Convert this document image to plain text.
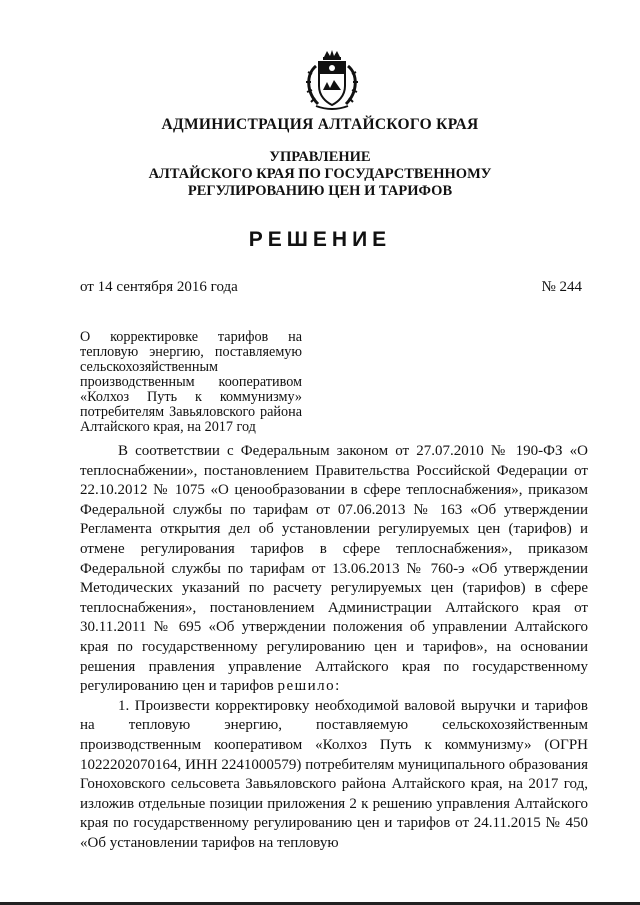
АДМИНИСТРАЦИЯ АЛТАЙСКОГО КРАЯ
УПРАВЛЕНИЕ
АЛТАЙСКОГО КРАЯ ПО ГОСУДАРСТВЕННОМУ
РЕГУЛИРОВАНИЮ ЦЕН И ТАРИФОВ
РЕШЕНИЕ
от 14 сентября 2016 года	№ 244
О корректировке тарифов на тепловую энергию, поставляемую сельскохозяйственным производственным кооперативом «Колхоз Путь к коммунизму» потребителям Завьяловского района Алтайского края, на 2017 год

В соответствии с Федеральным законом от 27.07.2010 № 190-ФЗ «О теплоснабжении», постановлением Правительства Российской Федерации от 22.10.2012 № 1075 «О ценообразовании в сфере теплоснабжения», приказом Федеральной службы по тарифам от 07.06.2013 № 163 «Об утверждении Регламента открытия дел об установлении регулируемых цен (тарифов) и отмене регулирования тарифов в сфере теплоснабжения», приказом Федеральной службы по тарифам от 13.06.2013 № 760-э «Об утверждении Методических указаний по расчету регулируемых цен (тарифов) в сфере теплоснабжения», постановлением Администрации Алтайского края от 30.11.2011 № 695 «Об утверждении положения об управлении Алтайского края по государственному регулированию цен и тарифов», на основании решения правления управление Алтайского края по государственному регулированию цен и тарифов решило:

1. Произвести корректировку необходимой валовой выручки и тарифов на тепловую энергию, поставляемую сельскохозяйственным производственным кооперативом «Колхоз Путь к коммунизму» (ОГРН 1022202070164, ИНН 2241000579) потребителям муниципального образования Гоноховского сельсовета Завьяловского района Алтайского края, на 2017 год, изложив отдельные позиции приложения 2 к решению управления Алтайского края по государственному регулированию цен и тарифов от 24.11.2015 № 450 «Об установлении тарифов на тепловую
